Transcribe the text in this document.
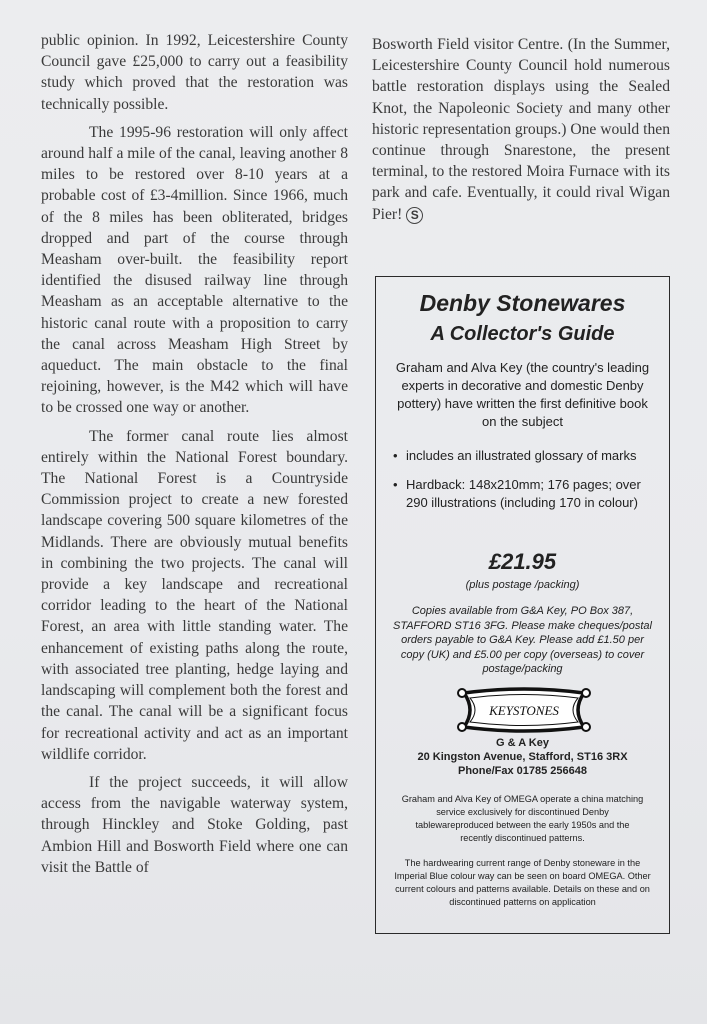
public opinion. In 1992, Leicestershire County Council gave £25,000 to carry out a feasibility study which proved that the restoration was technically possible.

The 1995-96 restoration will only affect around half a mile of the canal, leaving another 8 miles to be restored over 8-10 years at a probable cost of £3-4million. Since 1966, much of the 8 miles has been obliterated, bridges dropped and part of the course through Measham over-built. the feasibility report identified the disused railway line through Measham as an acceptable alternative to the historic canal route with a proposition to carry the canal across Measham High Street by aqueduct. The main obstacle to the final rejoining, however, is the M42 which will have to be crossed one way or another.

The former canal route lies almost entirely within the National Forest boundary. The National Forest is a Countryside Commission project to create a new forested landscape covering 500 square kilometres of the Midlands. There are obviously mutual benefits in combining the two projects. The canal will provide a key landscape and recreational corridor leading to the heart of the National Forest, an area with little standing water. The enhancement of existing paths along the route, with associated tree planting, hedge laying and landscaping will complement both the forest and the canal. The canal will be a significant focus for recreational activity and act as an important wildlife corridor.

If the project succeeds, it will allow access from the navigable waterway system, through Hinckley and Stoke Golding, past Ambion Hill and Bosworth Field where one can visit the Battle of

Bosworth Field visitor Centre. (In the Summer, Leicestershire County Council hold numerous battle restoration displays using the Sealed Knot, the Napoleonic Society and many other historic representation groups.) One would then continue through Snarestone, the present terminal, to the restored Moira Furnace with its park and cafe. Eventually, it could rival Wigan Pier! S

Denby Stonewares
A Collector's Guide
Graham and Alva Key (the country's leading experts in decorative and domestic Denby pottery) have written the first definitive book on the subject
• includes an illustrated glossary of marks
• Hardback: 148x210mm; 176 pages; over 290 illustrations (including 170 in colour)
£21.95
(plus postage /packing)
Copies available from G&A Key, PO Box 387, STAFFORD ST16 3FG. Please make cheques/postal orders payable to G&A Key. Please add £1.50 per copy (UK) and £5.00 per copy (overseas) to cover postage/packing
KEYSTONES
G & A Key
20 Kingston Avenue, Stafford, ST16 3RX
Phone/Fax 01785 256648
Graham and Alva Key of OMEGA operate a china matching service exclusively for discontinued Denby tablewareproduced between the early 1950s and the recently discontinued patterns.
The hardwearing current range of Denby stoneware in the Imperial Blue colour way can be seen on board OMEGA. Other current colours and patterns available. Details on these and on discontinued patterns on application
